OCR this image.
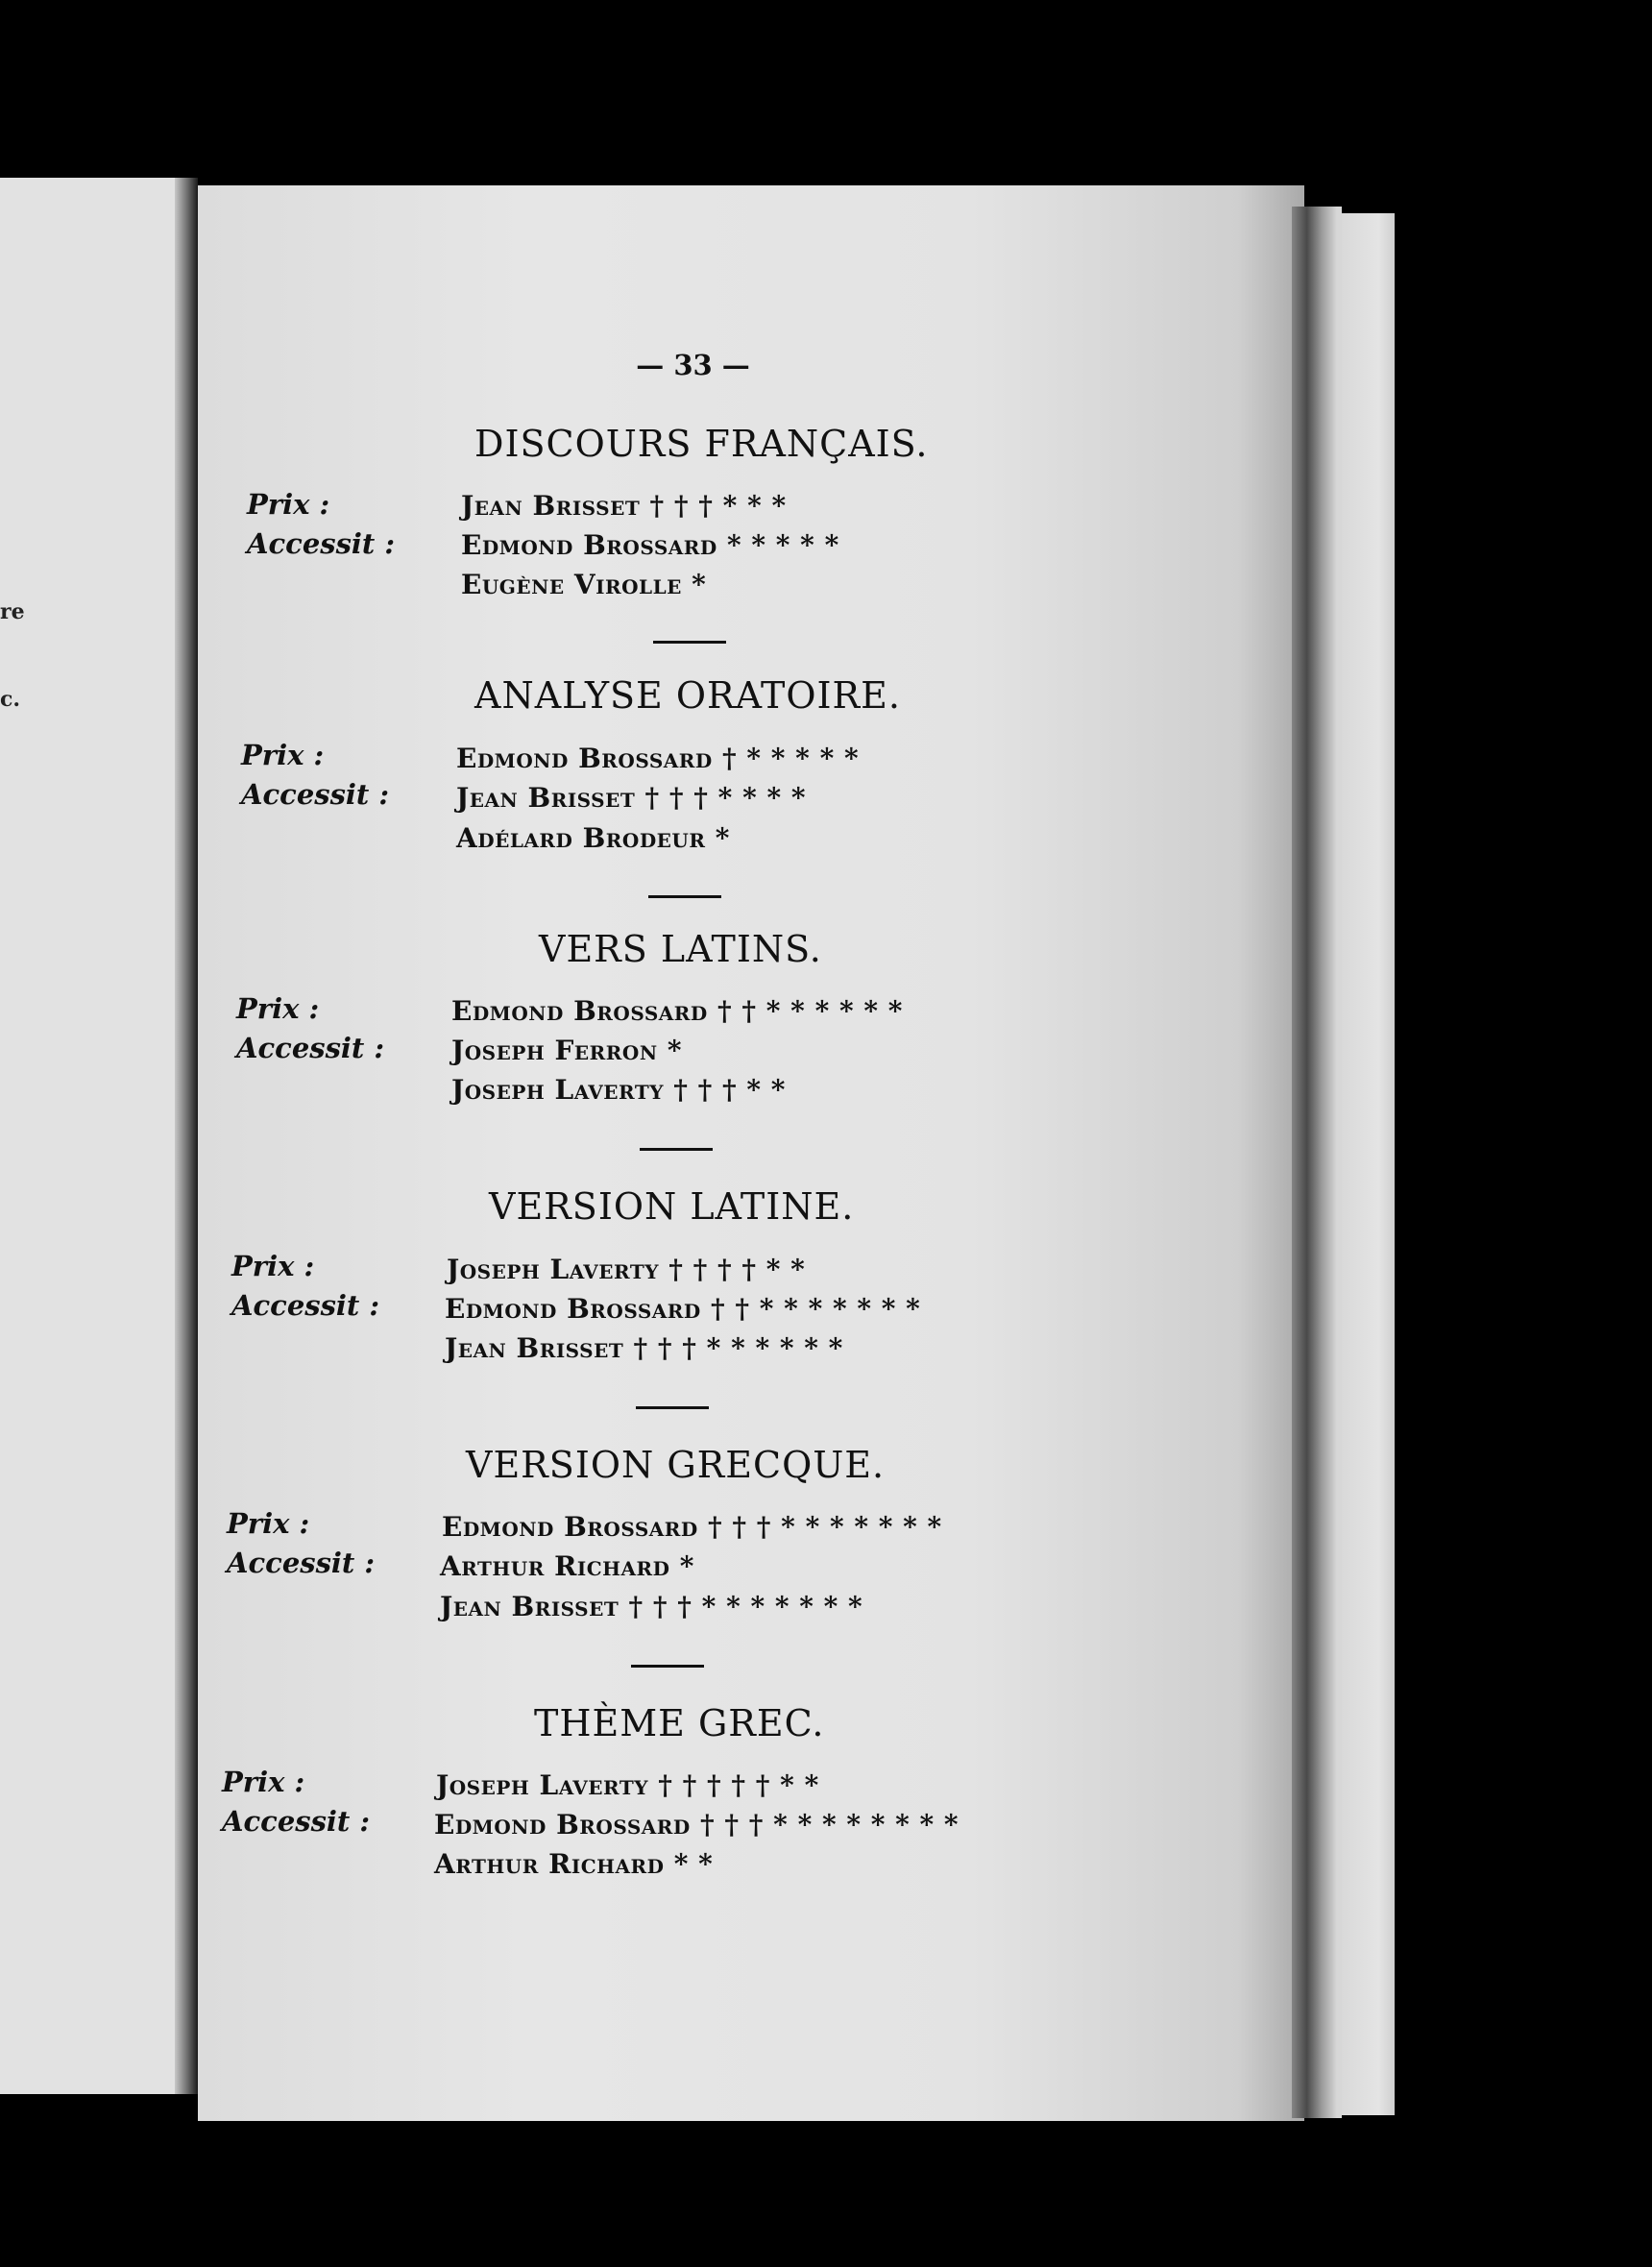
re
c.
— 33 —
DISCOURS FRANÇAIS.
Prix :	Jean Brisset † † † * * *
Accessit : Edmond Brossard * * * * *
Eugène Virolle *
ANALYSE ORATOIRE.
Prix :	Edmond Brossard † * * * * *
Accessit : Jean Brisset † † † * * * *
Adélard Brodeur *
VERS LATINS.
Prix :	Edmond Brossard † † * * * * * *
Accessit : Joseph Ferron *
Joseph Laverty † † † * *
VERSION LATINE.
Prix :	Joseph Laverty † † † † * *
Accessit : Edmond Brossard † † * * * * * * *
Jean Brisset † † † * * * * * *
VERSION GRECQUE.
Prix :	Edmond Brossard † † † * * * * * * *
Accessit : Arthur Richard *
Jean Brisset † † † * * * * * * *
THÈME GREC.
Prix :	Joseph Laverty † † † † † * *
Accessit : Edmond Brossard † † † * * * * * * * *
Arthur Richard * *
